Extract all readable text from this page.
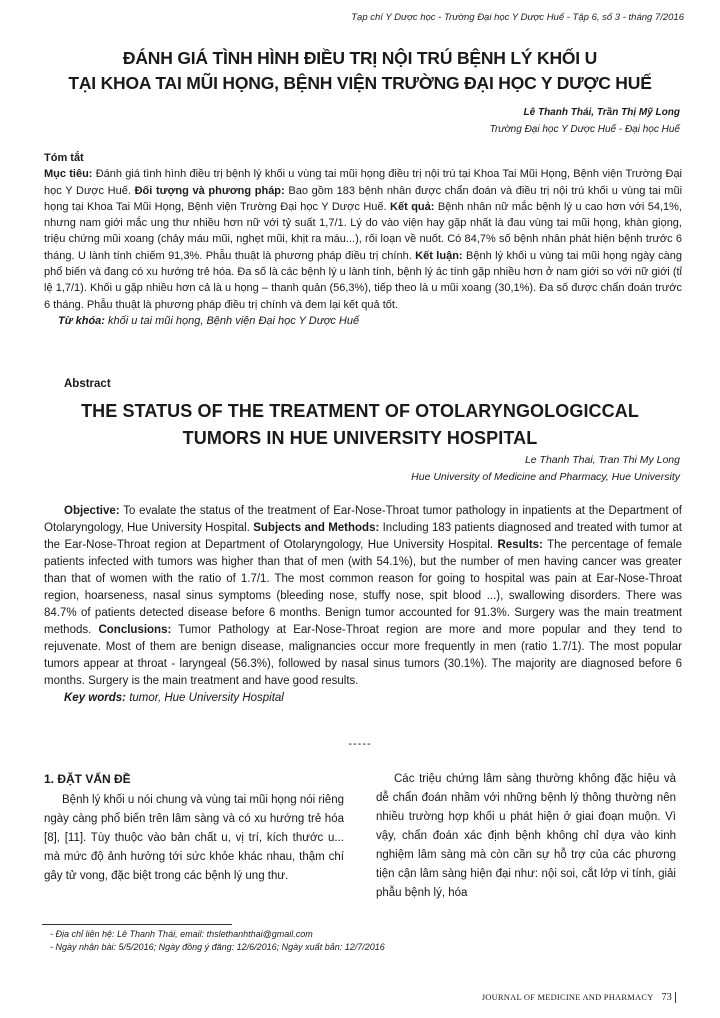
Tạp chí Y Dược học - Trường Đại học Y Dược Huế - Tập 6, số 3 - tháng 7/2016
ĐÁNH GIÁ TÌNH HÌNH ĐIỀU TRỊ NỘI TRÚ BỆNH LÝ KHỐI U
TẠI KHOA TAI MŨI HỌNG, BỆNH VIỆN TRƯỜNG ĐẠI HỌC Y DƯỢC HUẾ
Lê Thanh Thái, Trần Thị Mỹ Long
Trường Đại học Y Dược Huế - Đại học Huế
Tóm tắt
Mục tiêu: Đánh giá tình hình điều trị bệnh lý khối u vùng tai mũi họng điều trị nội trú tại Khoa Tai Mũi Họng, Bệnh viện Trường Đại học Y Dược Huế. Đối tượng và phương pháp: Bao gồm 183 bệnh nhân được chẩn đoán và điều trị nội trú khối u vùng tai mũi họng tại Khoa Tai Mũi Họng, Bệnh viện Trường Đại học Y Dược Huế. Kết quả: Bệnh nhân nữ mắc bệnh lý u cao hơn với 54,1%, nhưng nam giới mắc ung thư nhiều hơn nữ với tỷ suất 1,7/1. Lý do vào viện hay gặp nhất là đau vùng tai mũi họng, khàn giọng, triệu chứng mũi xoang (chảy máu mũi, nghẹt mũi, khịt ra máu...), rối loạn về nuốt. Có 84,7% số bệnh nhân phát hiện bệnh trước 6 tháng. U lành tính chiếm 91,3%. Phẫu thuật là phương pháp điều trị chính. Kết luận: Bệnh lý khối u vùng tai mũi họng ngày càng phổ biến và đang có xu hướng trẻ hóa. Đa số là các bệnh lý u lành tính, bệnh lý ác tính gặp nhiều hơn ở nam giới so với nữ giới (tỉ lệ 1,7/1). Khối u gặp nhiều hơn cả là u họng – thanh quản (56,3%), tiếp theo là u mũi xoang (30,1%). Đa số được chẩn đoán trước 6 tháng. Phẫu thuật là phương pháp điều trị chính và đem lại kết quả tốt.
Từ khóa: khối u tai mũi họng, Bệnh viện Đại học Y Dược Huế
Abstract
THE STATUS OF THE TREATMENT OF OTOLARYNGOLOGICCAL
TUMORS IN HUE UNIVERSITY HOSPITAL
Le Thanh Thai, Tran Thi My Long
Hue University of Medicine and Pharmacy, Hue University
Objective: To evalate the status of the treatment of Ear-Nose-Throat tumor pathology in inpatients at the Department of Otolaryngology, Hue University Hospital. Subjects and Methods: Including 183 patients diagnosed and treated with tumor at the Ear-Nose-Throat region at Department of Otolaryngology, Hue University Hospital. Results: The percentage of female patients infected with tumors was higher than that of men (with 54.1%), but the number of men having cancer was greater than that of women with the ratio of 1.7/1. The most common reason for going to hospital was pain at Ear-Nose-Throat region, hoarseness, nasal sinus symptoms (bleeding nose, stuffy nose, spit blood ...), swallowing disorders. There was 84.7% of patients detected disease before 6 months. Benign tumor accounted for 91.3%. Surgery was the main treatment methods. Conclusions: Tumor Pathology at Ear-Nose-Throat region are more and more popular and they tend to rejuvenate. Most of them are benign disease, malignancies occur more frequently in men (ratio 1.7/1). The most popular tumors appear at throat - laryngeal (56.3%), followed by nasal sinus tumors (30.1%). The majority are diagnosed before 6 months. Surgery is the main treatment and have good results.
Key words: tumor, Hue University Hospital
-----
1. ĐẶT VẤN ĐỀ
Bệnh lý khối u nói chung và vùng tai mũi họng nói riêng ngày càng phổ biến trên lâm sàng và có xu hướng trẻ hóa [8], [11]. Tùy thuộc vào bản chất u, vị trí, kích thước u... mà mức độ ảnh hưởng tới sức khỏe khác nhau, thậm chí gây tử vong, đặc biệt trong các bệnh lý ung thư.
Các triệu chứng lâm sàng thường không đặc hiệu và dễ chẩn đoán nhầm với những bệnh lý thông thường nên nhiều trường hợp khối u phát hiện ở giai đoạn muộn. Vì vậy, chẩn đoán xác định bệnh không chỉ dựa vào kinh nghiệm lâm sàng mà còn cần sự hỗ trợ của các phương tiện cận lâm sàng hiện đại như: nội soi, cắt lớp vi tính, giải phẫu bệnh lý, hóa
- Địa chỉ liên hệ: Lê Thanh Thái, email: thslethanhthai@gmail.com
- Ngày nhận bài: 5/5/2016; Ngày đồng ý đăng: 12/6/2016; Ngày xuất bản: 12/7/2016
JOURNAL OF MEDICINE AND PHARMACY 73
